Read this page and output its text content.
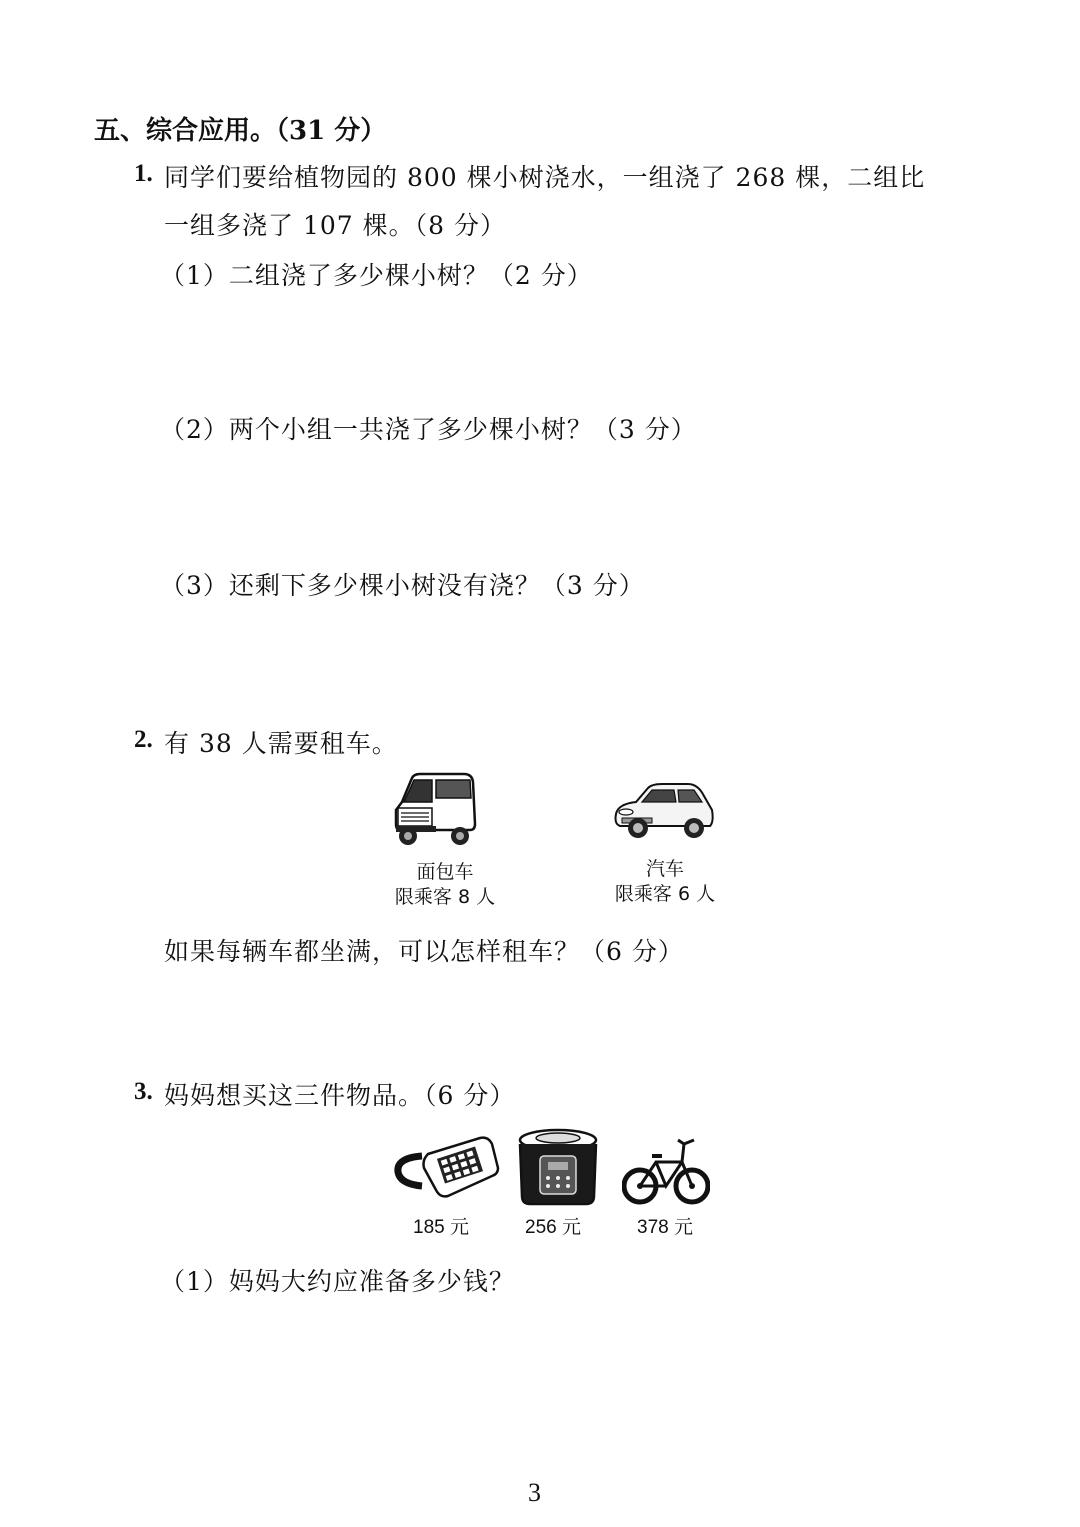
五、综合应用。（31 分）
1. 同学们要给植物园的 800 棵小树浇水，一组浇了 268 棵，二组比
一组多浇了 107 棵。（8 分）
（1）二组浇了多少棵小树？（2 分）
（2）两个小组一共浇了多少棵小树？（3 分）
（3）还剩下多少棵小树没有浇？（3 分）
2. 有 38 人需要租车。
面包车
限乘客 8 人
汽车
限乘客 6 人
如果每辆车都坐满，可以怎样租车？（6 分）
3. 妈妈想买这三件物品。（6 分）
185 元	256 元	378 元
（1）妈妈大约应准备多少钱？
3
